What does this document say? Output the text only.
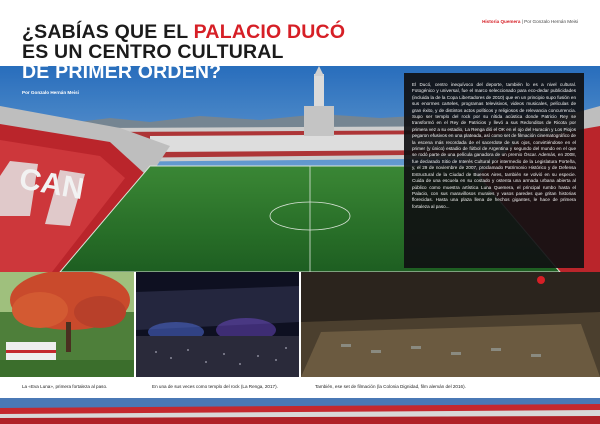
Historia Quemera | Por Gonzalo Hernán Meisi
¿SABÍAS QUE EL PALACIO DUCÓ
ES UN CENTRO CULTURAL
DE PRIMER ORDEN?
Por Gonzalo Hernán Meisi

El Ducó, centro inequívoco del deporte, también lo es a nivel cultural. Fotogénico y universal, fue el marco seleccionado para eco-dedar publicidades (incluida la de la Copa Libertadores de 2010) que en un principio supo fusión en sus enormes carteles, programas televisivos, videos musicales, películas de gran éxito, y de distintos actos políticos y religiosos de relevancia concurrencia. Supo ser templo del rock por su nítida acústica donde Patricio Rey se transformó en el Rey de Patricios y llevó a sus Redonditos de Ricota por primera vez a su estadio, La Renga dió el OK en el ojo del Huracán y Los Piojos pegaron efusivos en una plateada, así como set de filmación cinematográfico de la escena más recordada de el sacerdote de sus ojos, convirtiéndose en el primer (y único) estadio de fútbol de Argentina y segundo del mundo en el que se rodó parte de una película ganadora de un premio Óscar. Además, en 2008, fue declarado Sitio de Interés Cultural por intermedio de la Legislatura Porteña, y, el 29 de noviembre de 2007, proclamado Patrimonio Histórico y de Defensa Estructural de la Ciudad de Buenos Aires, también se volvió en su especie. Cuida de una escuela en su costado y ostenta una armada urbana abierta al público como muestra artística Luna Quemera, el principal rumbo hasta el Palacio, con sus maravillosos murales y vasos paredes que gritan historias florecidas. Hasta una plaza llena de hechos gigantes, le hace de primera fortaleza al paso...

La «Eva Luna», primera fortaleza al paso.	En una de sus veces como templo del rock (La Renga, 2017).	También, ese set de filmación (la Colonia Dignidad, film alemán del 2016).
